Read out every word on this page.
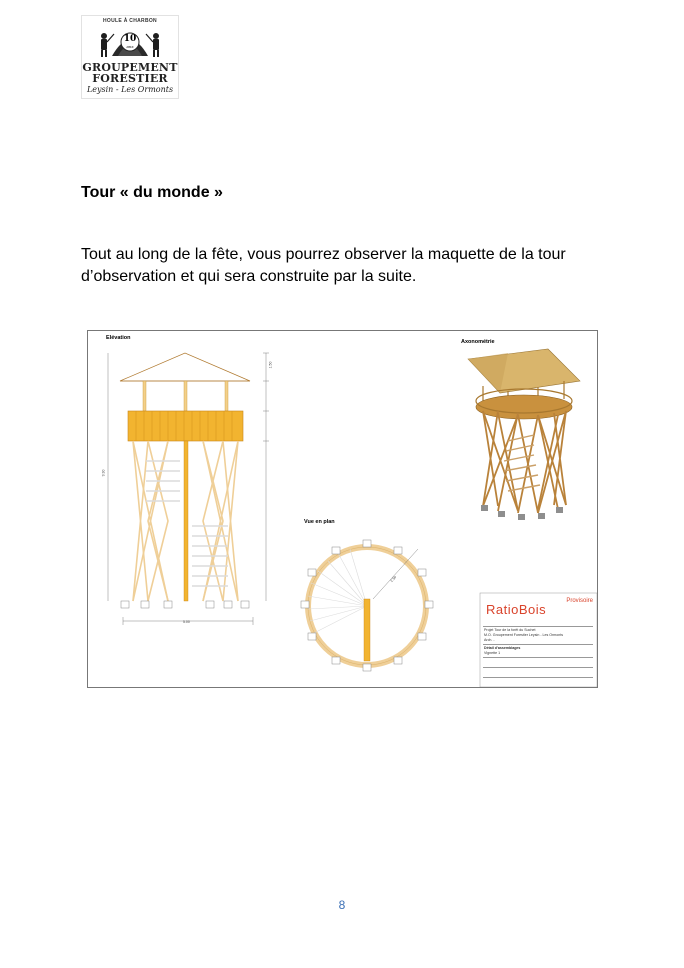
HOULE À CHARBON
10
ans
GROUPEMENT
FORESTIER
Leysin - Les Ormonts
Tour « du monde »

Tout au long de la fête, vous pourrez observer la maquette de la tour d’observation et qui sera construite par la suite.

Elévation
Vue en plan
Axonométrie
5.00
9.30
1.50
2.50
Provisoire
RatioBois
Projet Tour de la forêt du Suchet
M.O. Groupement Forestier Leysin - Les Ormonts
Arch. -
Détail d'assemblages
Vignette 1
8
